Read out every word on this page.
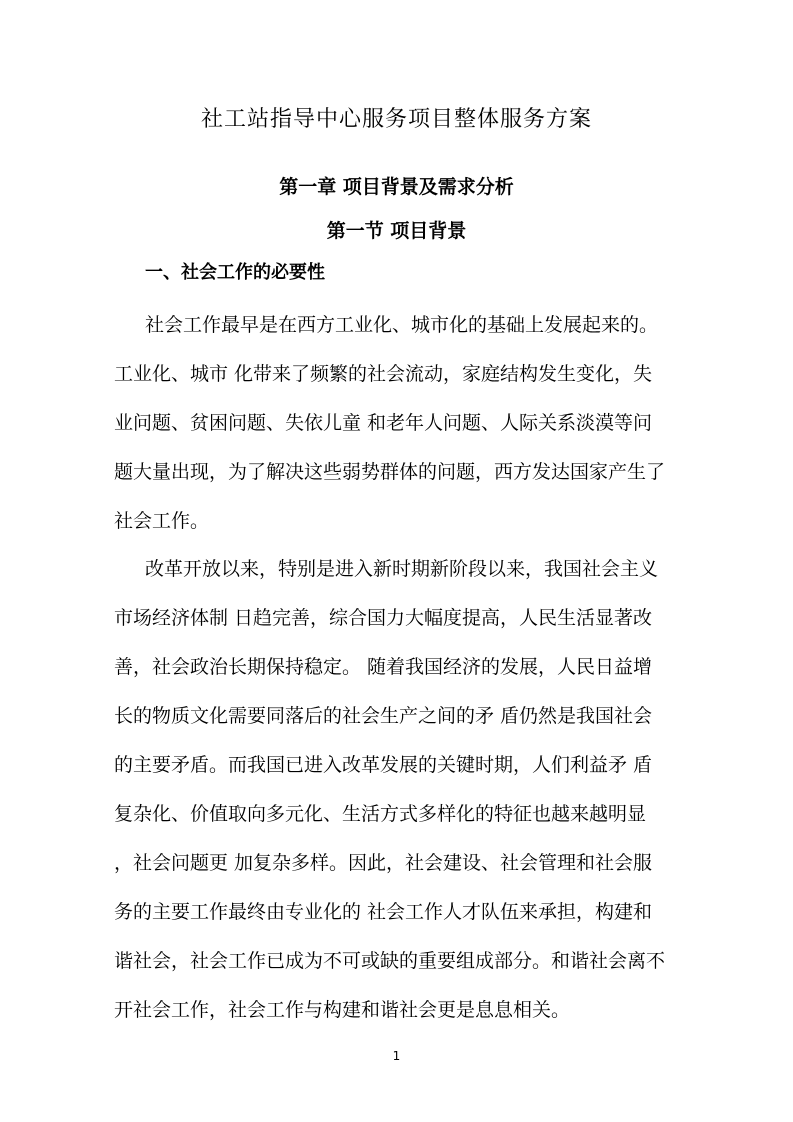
社工站指导中心服务项目整体服务方案
第一章 项目背景及需求分析
第一节 项目背景
一、社会工作的必要性
社会工作最早是在西方工业化、城市化的基础上发展起来的。
工业化、城市 化带来了频繁的社会流动，家庭结构发生变化，失
业问题、贫困问题、失依儿童 和老年人问题、人际关系淡漠等问
题大量出现，为了解决这些弱势群体的问题，西方发达国家产生了
社会工作。
改革开放以来，特别是进入新时期新阶段以来，我国社会主义
市场经济体制 日趋完善，综合国力大幅度提高，人民生活显著改
善，社会政治长期保持稳定。 随着我国经济的发展，人民日益增
长的物质文化需要同落后的社会生产之间的矛 盾仍然是我国社会
的主要矛盾。而我国已进入改革发展的关键时期，人们利益矛 盾
复杂化、价值取向多元化、生活方式多样化的特征也越来越明显
，社会问题更 加复杂多样。因此，社会建设、社会管理和社会服
务的主要工作最终由专业化的 社会工作人才队伍来承担，构建和
谐社会，社会工作已成为不可或缺的重要组成部分。和谐社会离不
开社会工作，社会工作与构建和谐社会更是息息相关。
1
